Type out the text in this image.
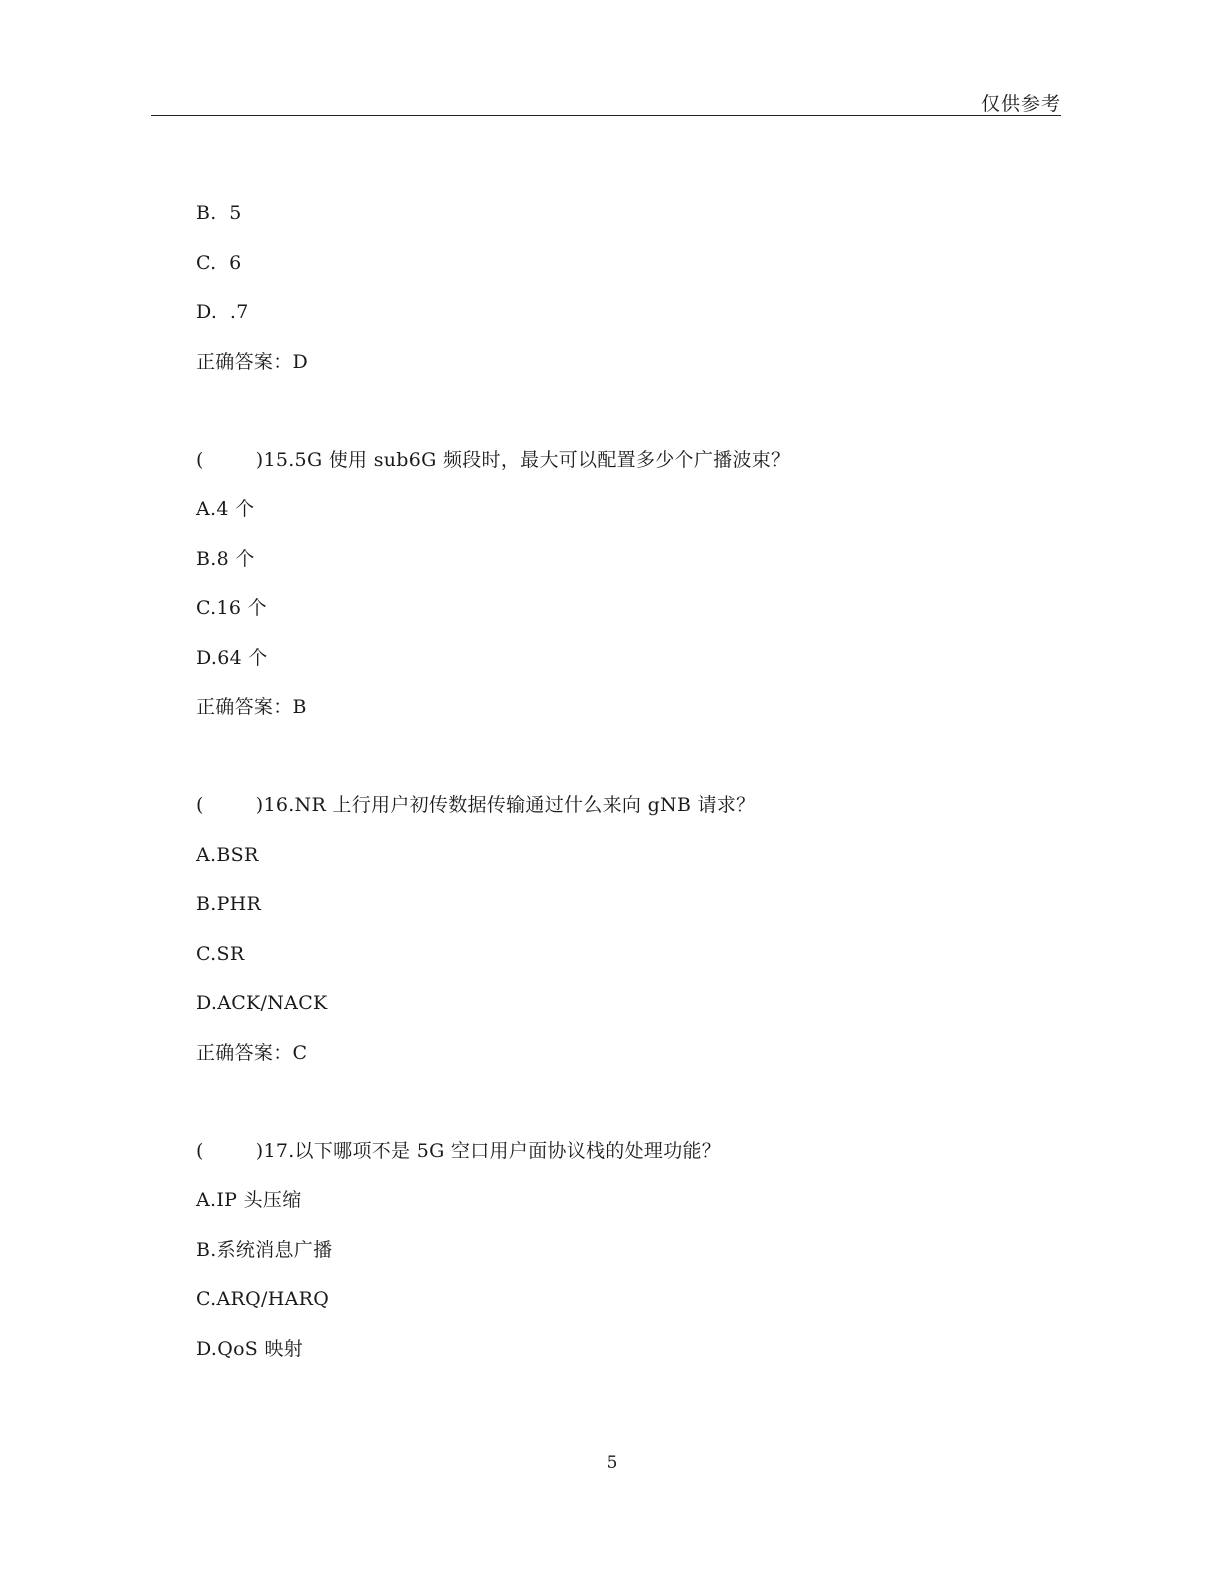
仅供参考
B.  5
C.  6
D.  .7
正确答案：D
(	) 15.5G 使用 sub6G 频段时，最大可以配置多少个广播波束？
A.4 个
B.8 个
C.16 个
D.64 个
正确答案：B
(	) 16.NR 上行用户初传数据传输通过什么来向 gNB 请求？
A.BSR
B.PHR
C.SR
D.ACK/NACK
正确答案：C
(	) 17.以下哪项不是 5G 空口用户面协议栈的处理功能？
A.IP 头压缩
B.系统消息广播
C.ARQ/HARQ
D.QoS 映射
5
